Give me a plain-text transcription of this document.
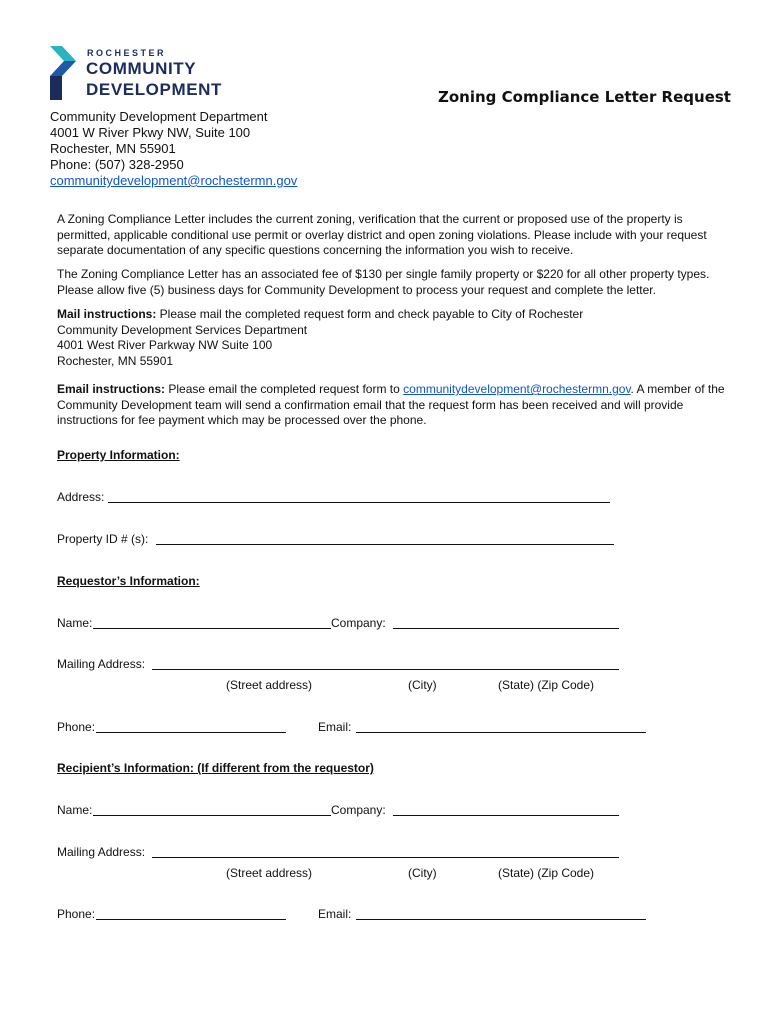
ROCHESTER
COMMUNITY
DEVELOPMENT	Zoning Compliance Letter Request
Community Development Department
4001 W River Pkwy NW, Suite 100
Rochester, MN 55901
Phone: (507) 328-2950
communitydevelopment@rochestermn.gov
A Zoning Compliance Letter includes the current zoning, verification that the current or proposed use of the property is permitted, applicable conditional use permit or overlay district and open zoning violations. Please include with your request separate documentation of any specific questions concerning the information you wish to receive.
The Zoning Compliance Letter has an associated fee of $130 per single family property or $220 for all other property types. Please allow five (5) business days for Community Development to process your request and complete the letter.
Mail instructions: Please mail the completed request form and check payable to City of Rochester
Community Development Services Department
4001 West River Parkway NW Suite 100
Rochester, MN 55901
Email instructions: Please email the completed request form to communitydevelopment@rochestermn.gov. A member of the Community Development team will send a confirmation email that the request form has been received and will provide instructions for fee payment which may be processed over the phone.
Property Information:
Address:
Property ID # (s):
Requestor’s Information:
Name:	Company:
Mailing Address:
(Street address)	(City)	(State) (Zip Code)
Phone:	Email:
Recipient’s Information: (If different from the requestor)
Name:	Company:
Mailing Address:
(Street address)	(City)	(State) (Zip Code)
Phone:	Email:
